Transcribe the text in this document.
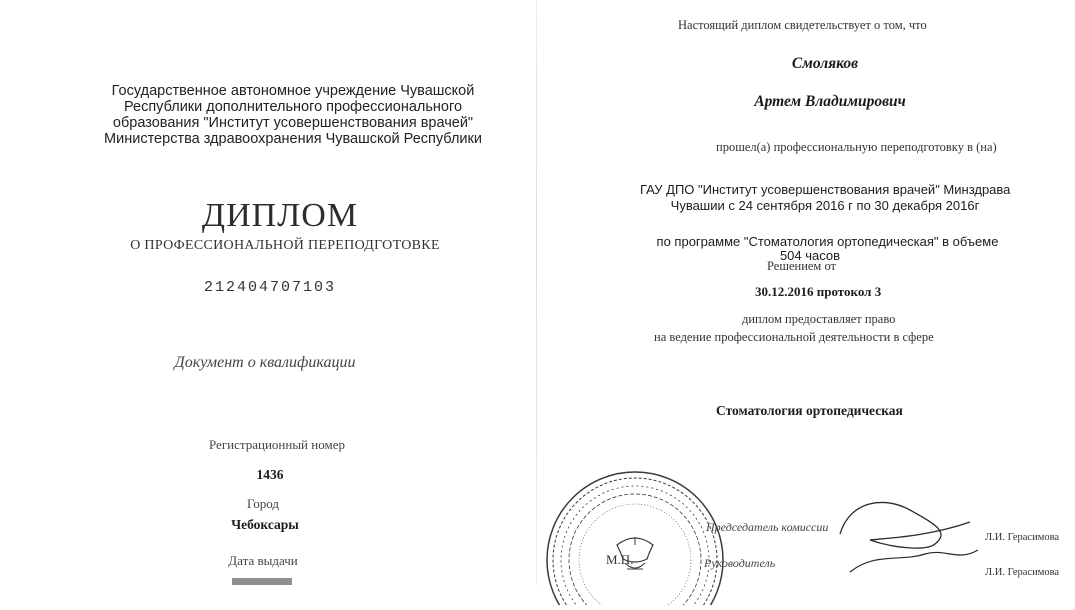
Государственное автономное учреждение Чувашской
Республики дополнительного профессионального
образования "Институт усовершенствования врачей"
Министерства здравоохранения Чувашской Республики
ДИПЛОМ
О ПРОФЕССИОНАЛЬНОЙ ПЕРЕПОДГОТОВКЕ
212404707103
Документ о квалификации
Регистрационный номер
1436
Город
Чебоксары
Дата выдачи
Настоящий диплом свидетельствует о том, что
Смоляков
Артем Владимирович
прошел(а) профессиональную переподготовку в (на)
ГАУ ДПО "Институт усовершенствования врачей" Минздрава
Чувашии с 24 сентября 2016 г по 30 декабря 2016г
по программе "Стоматология ортопедическая" в объеме
504 часов
Решением от
30.12.2016 протокол 3
диплом предоставляет право
на ведение профессиональной деятельности в сфере
Стоматология ортопедическая
М.П.
Председатель комиссии
Руководитель
Л.И. Герасимова
Л.И. Герасимова
